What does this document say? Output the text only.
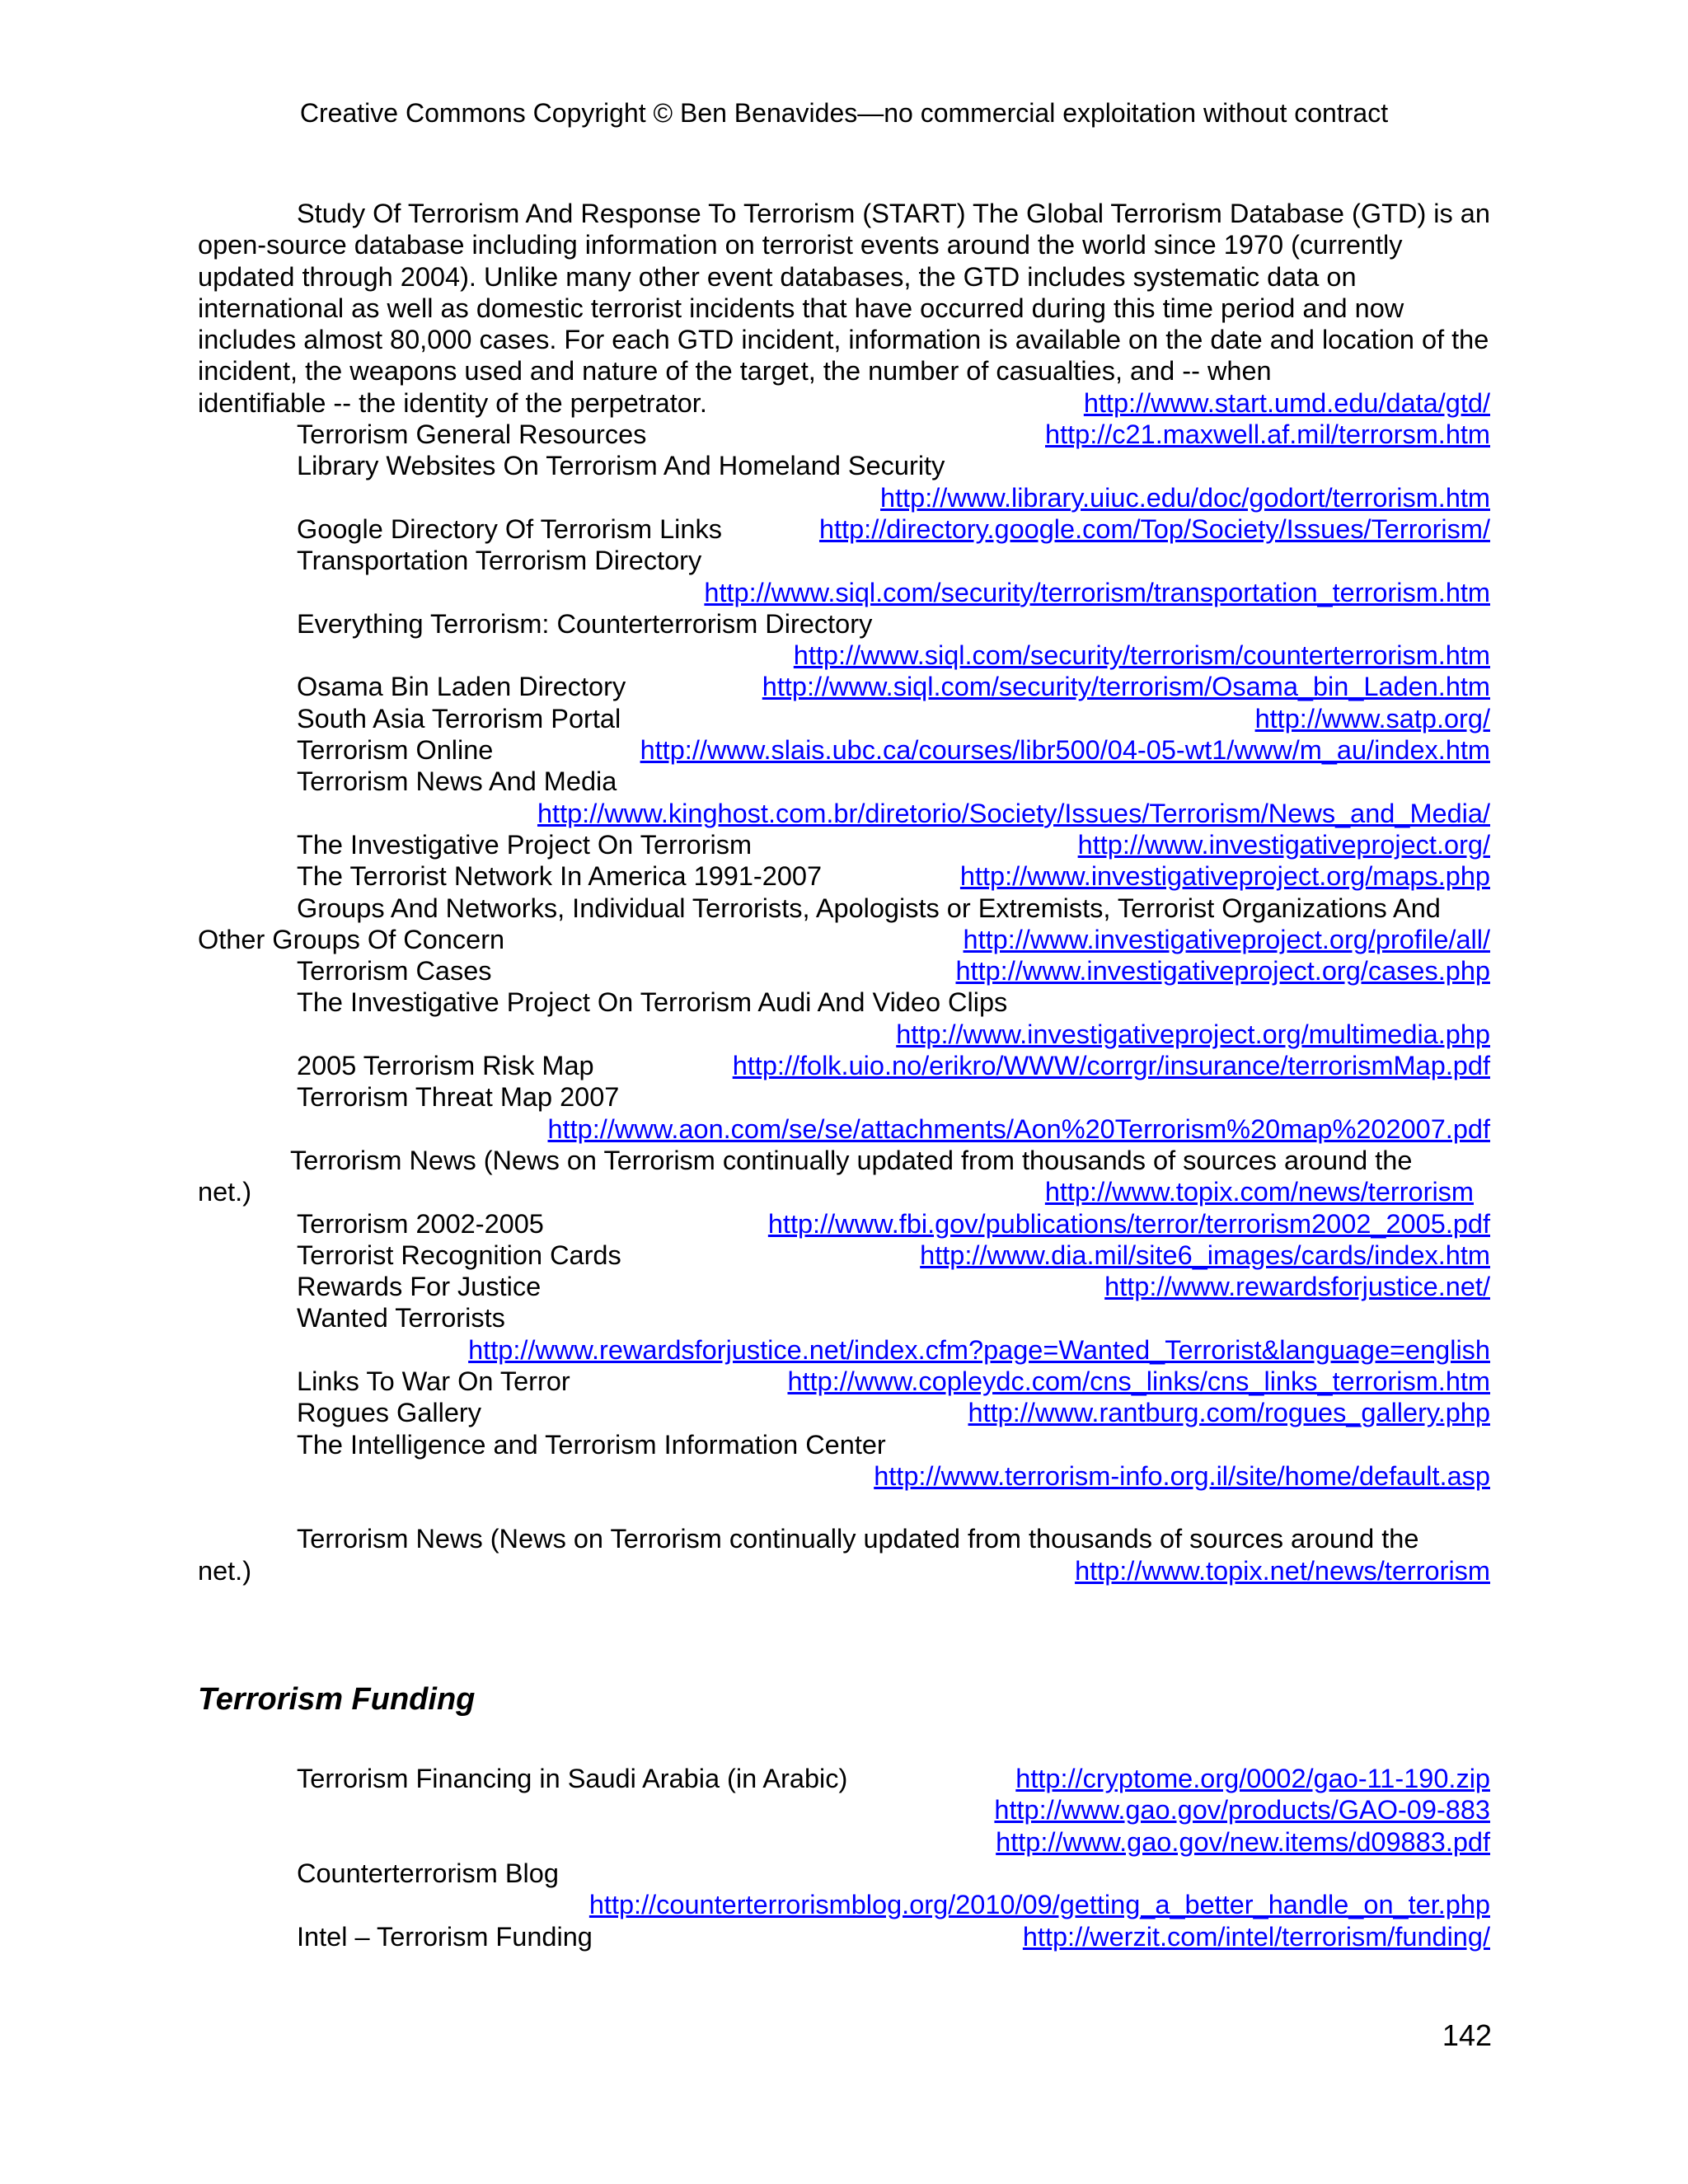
Creative Commons Copyright © Ben Benavides—no commercial exploitation without contract
Study Of Terrorism And Response To Terrorism (START) The Global Terrorism Database (GTD) is an open-source database including information on terrorist events around the world since 1970 (currently updated through 2004). Unlike many other event databases, the GTD includes systematic data on international as well as domestic terrorist incidents that have occurred during this time period and now includes almost 80,000 cases. For each GTD incident, information is available on the date and location of the incident, the weapons used and nature of the target, the number of casualties, and -- when
identifiable -- the identity of the perpetrator.	http://www.start.umd.edu/data/gtd/
Terrorism General Resources	http://c21.maxwell.af.mil/terrorsm.htm
Library Websites On Terrorism And Homeland Security
http://www.library.uiuc.edu/doc/godort/terrorism.htm
Google Directory Of Terrorism Links	http://directory.google.com/Top/Society/Issues/Terrorism/
Transportation Terrorism Directory
http://www.siql.com/security/terrorism/transportation_terrorism.htm
Everything Terrorism: Counterterrorism Directory
http://www.siql.com/security/terrorism/counterterrorism.htm
Osama Bin Laden Directory	http://www.siql.com/security/terrorism/Osama_bin_Laden.htm
South Asia Terrorism Portal	http://www.satp.org/
Terrorism Online	http://www.slais.ubc.ca/courses/libr500/04-05-wt1/www/m_au/index.htm
Terrorism News And Media
http://www.kinghost.com.br/diretorio/Society/Issues/Terrorism/News_and_Media/
The Investigative Project On Terrorism	http://www.investigativeproject.org/
The Terrorist Network In America 1991-2007	http://www.investigativeproject.org/maps.php
Groups And Networks, Individual Terrorists, Apologists or Extremists, Terrorist Organizations And
Other Groups Of Concern	http://www.investigativeproject.org/profile/all/
Terrorism Cases	http://www.investigativeproject.org/cases.php
The Investigative Project On Terrorism Audi And Video Clips
http://www.investigativeproject.org/multimedia.php
2005 Terrorism Risk Map	http://folk.uio.no/erikro/WWW/corrgr/insurance/terrorismMap.pdf
Terrorism Threat Map 2007
http://www.aon.com/se/se/attachments/Aon%20Terrorism%20map%202007.pdf
Terrorism News (News on Terrorism continually updated from thousands of sources around the
net.)	http://www.topix.com/news/terrorism
Terrorism 2002-2005	http://www.fbi.gov/publications/terror/terrorism2002_2005.pdf
Terrorist Recognition Cards	http://www.dia.mil/site6_images/cards/index.htm
Rewards For Justice	http://www.rewardsforjustice.net/
Wanted Terrorists
http://www.rewardsforjustice.net/index.cfm?page=Wanted_Terrorist&language=english
Links To War On Terror	http://www.copleydc.com/cns_links/cns_links_terrorism.htm
Rogues Gallery	http://www.rantburg.com/rogues_gallery.php
The Intelligence and Terrorism Information Center
http://www.terrorism-info.org.il/site/home/default.asp
Terrorism News (News on Terrorism continually updated from thousands of sources around the
net.)	http://www.topix.net/news/terrorism
Terrorism Funding
Terrorism Financing in Saudi Arabia (in Arabic)	http://cryptome.org/0002/gao-11-190.zip
http://www.gao.gov/products/GAO-09-883
http://www.gao.gov/new.items/d09883.pdf
Counterterrorism Blog
http://counterterrorismblog.org/2010/09/getting_a_better_handle_on_ter.php
Intel – Terrorism Funding	http://werzit.com/intel/terrorism/funding/
142
